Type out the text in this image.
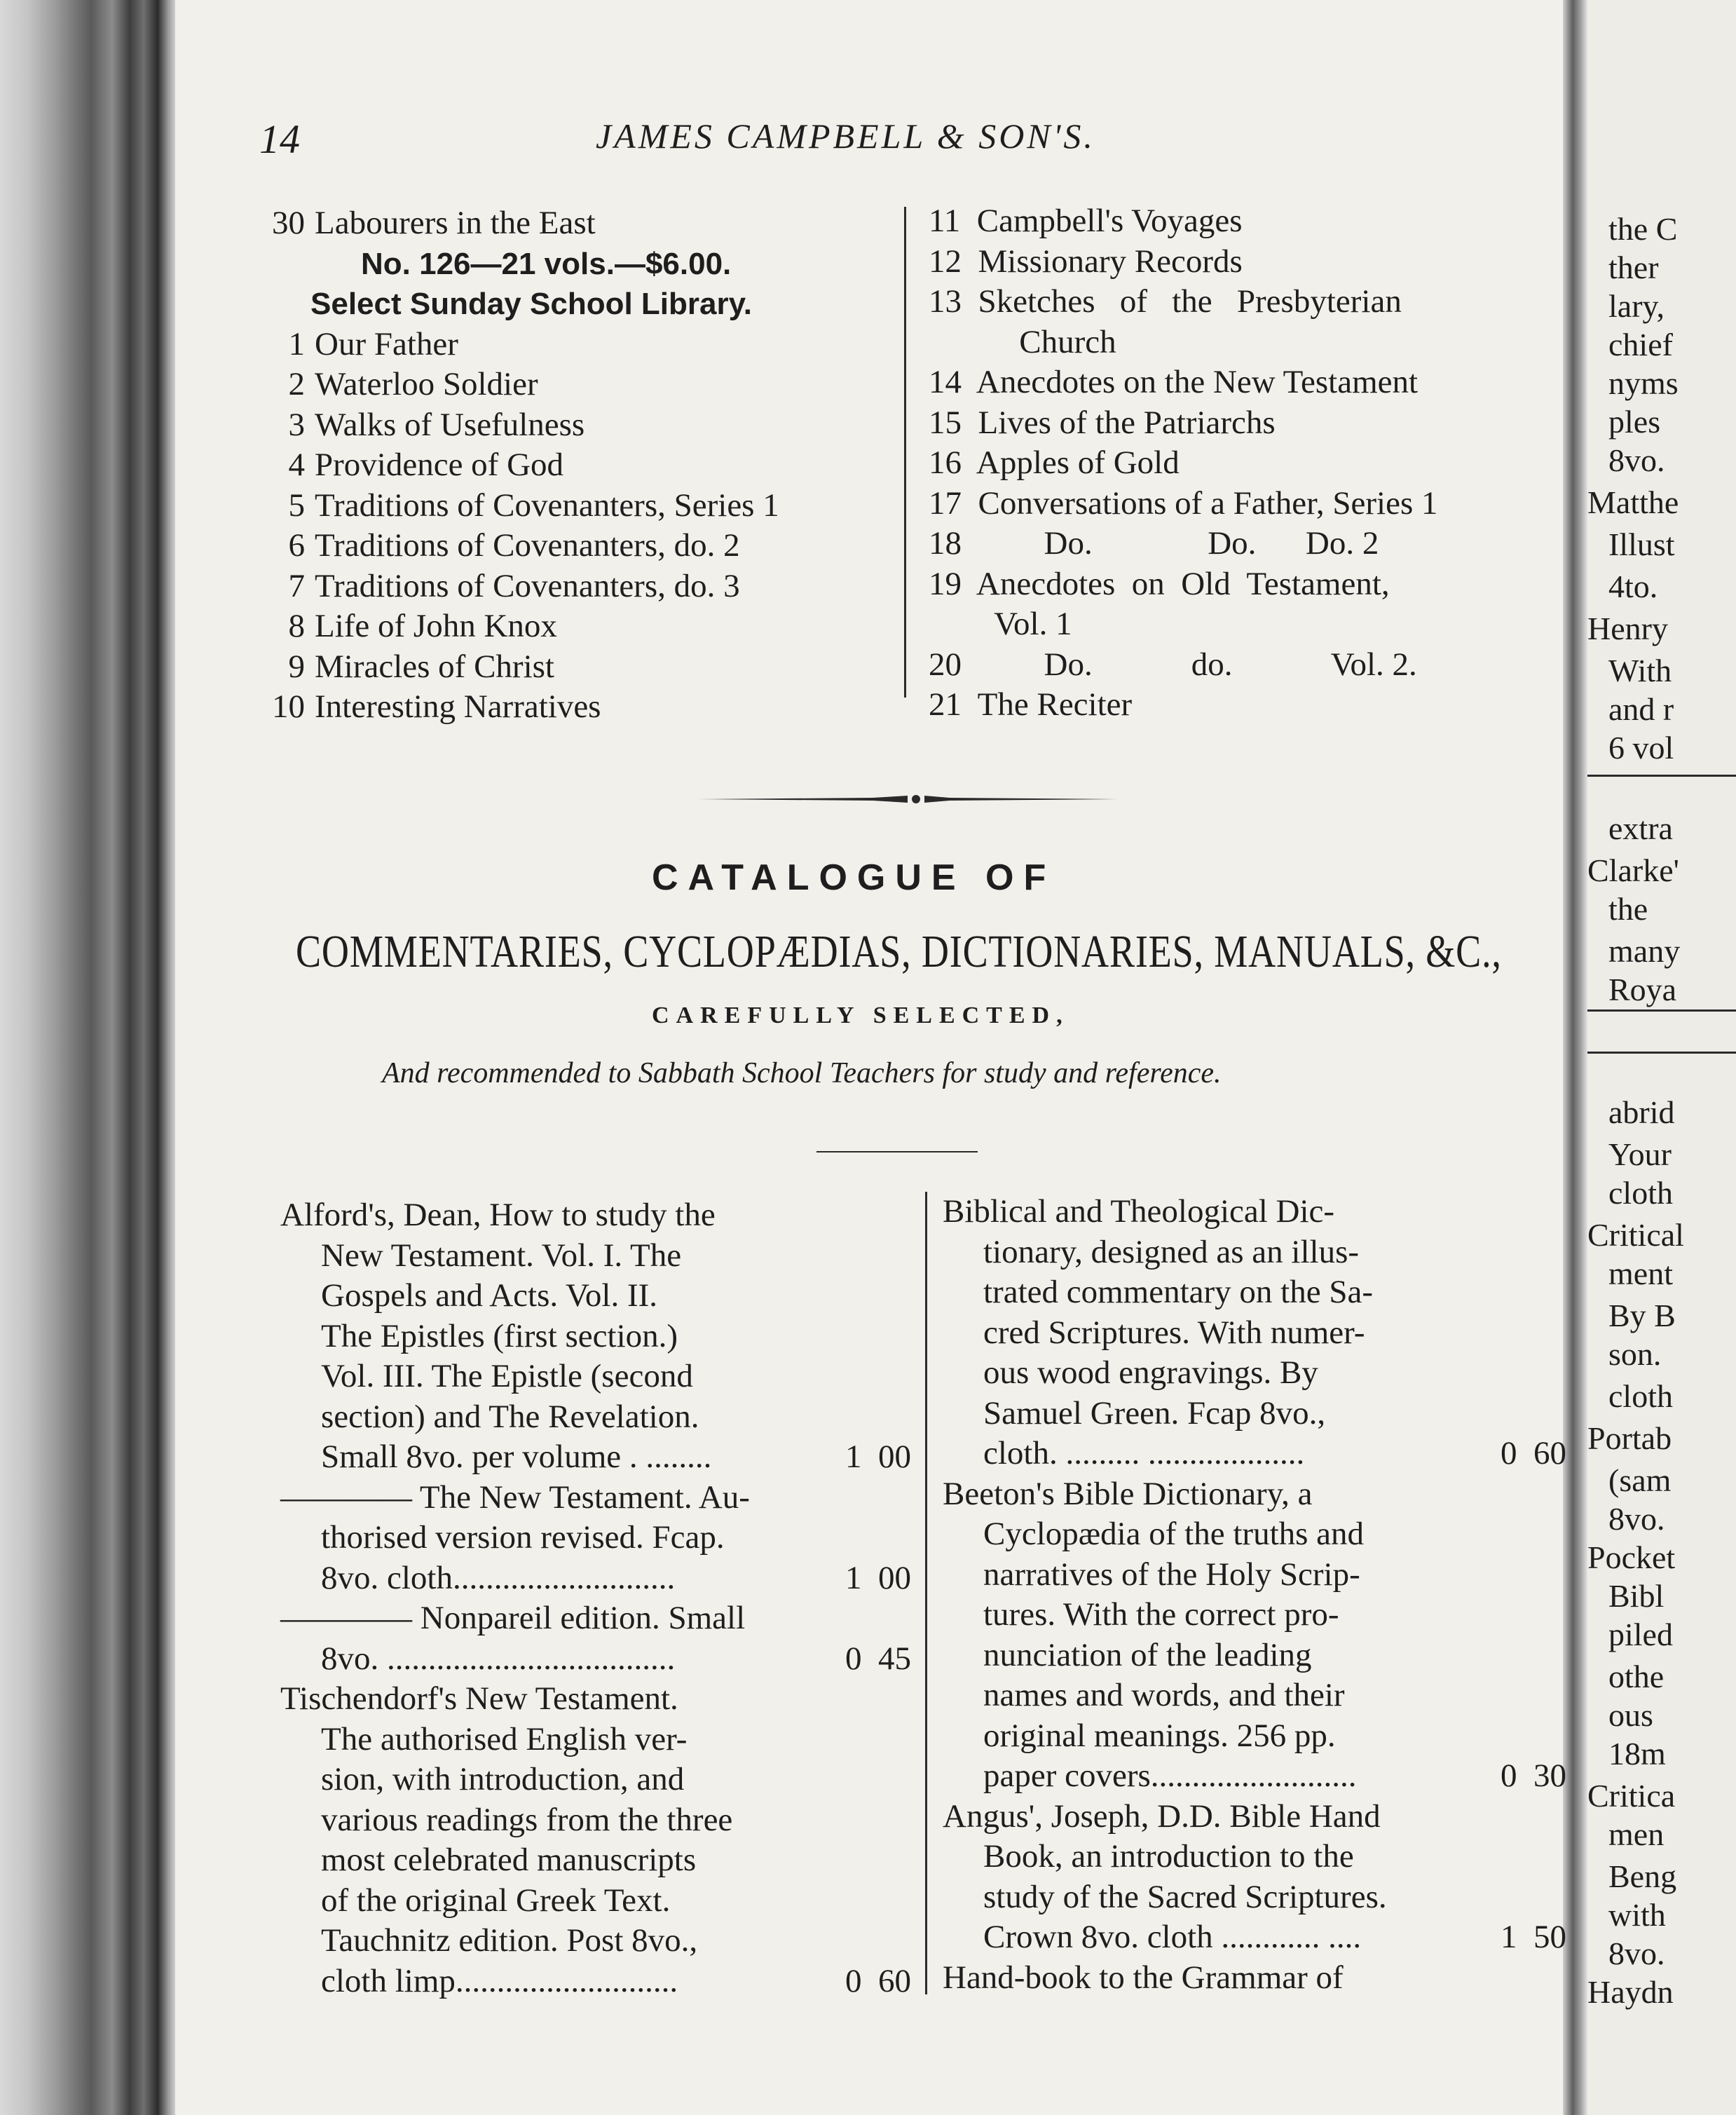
the C
ther
lary,
chief
nyms
ples
8vo.
Matthe
Illust
4to.
Henry
With
and r
6 vol
extra
Clarke'
the
many
Roya
abrid
Your
cloth
Critical
ment
By B
son.
cloth
Portab
(sam
8vo.
Pocket
Bibl
piled
othe
ous
18m
Critica
men
Beng
with
8vo.
Haydn
14	JAMES CAMPBELL & SON'S.
30 Labourers in the East
No. 126—21 vols.—$6.00.
Select Sunday School Library.
1 Our Father
2 Waterloo Soldier
3 Walks of Usefulness
4 Providence of God
5 Traditions of Covenanters, Series 1
6 Traditions of Covenanters, do. 2
7 Traditions of Covenanters, do. 3
8 Life of John Knox
9 Miracles of Christ
10 Interesting Narratives
11  Campbell's Voyages
12  Missionary Records
13  Sketches   of   the   Presbyterian
Church
14  Anecdotes on the New Testament
15  Lives of the Patriarchs
16  Apples of Gold
17  Conversations of a Father, Series 1
18          Do.              Do.      Do. 2
19  Anecdotes  on  Old  Testament,
Vol. 1
20          Do.            do.            Vol. 2.
21  The Reciter
CATALOGUE OF
COMMENTARIES, CYCLOPÆDIAS, DICTIONARIES, MANUALS, &C.,
CAREFULLY SELECTED,
And recommended to Sabbath School Teachers for study and reference.
Alford's, Dean, How to study the
New Testament. Vol. I. The
Gospels and Acts. Vol. II.
The Epistles (first section.)
Vol. III. The Epistle (second
section) and The Revelation.
Small 8vo. per volume . ........	1  00
———— The New Testament. Au-
thorised version revised. Fcap.
8vo. cloth...........................	1  00
———— Nonpareil edition. Small
8vo. ...................................	0  45
Tischendorf's New Testament.
The authorised English ver-
sion, with introduction, and
various readings from the three
most celebrated manuscripts
of the original Greek Text.
Tauchnitz edition. Post 8vo.,
cloth limp...........................	0  60
Biblical and Theological Dic-
tionary, designed as an illus-
trated commentary on the Sa-
cred Scriptures. With numer-
ous wood engravings. By
Samuel Green. Fcap 8vo.,
cloth. ......... ...................	0  60
Beeton's Bible Dictionary, a
Cyclopædia of the truths and
narratives of the Holy Scrip-
tures. With the correct pro-
nunciation of the leading
names and words, and their
original meanings. 256 pp.
paper covers.........................	0  30
Angus', Joseph, D.D. Bible Hand
Book, an introduction to the
study of the Sacred Scriptures.
Crown 8vo. cloth ............ ....	1  50
Hand-book to the Grammar of
